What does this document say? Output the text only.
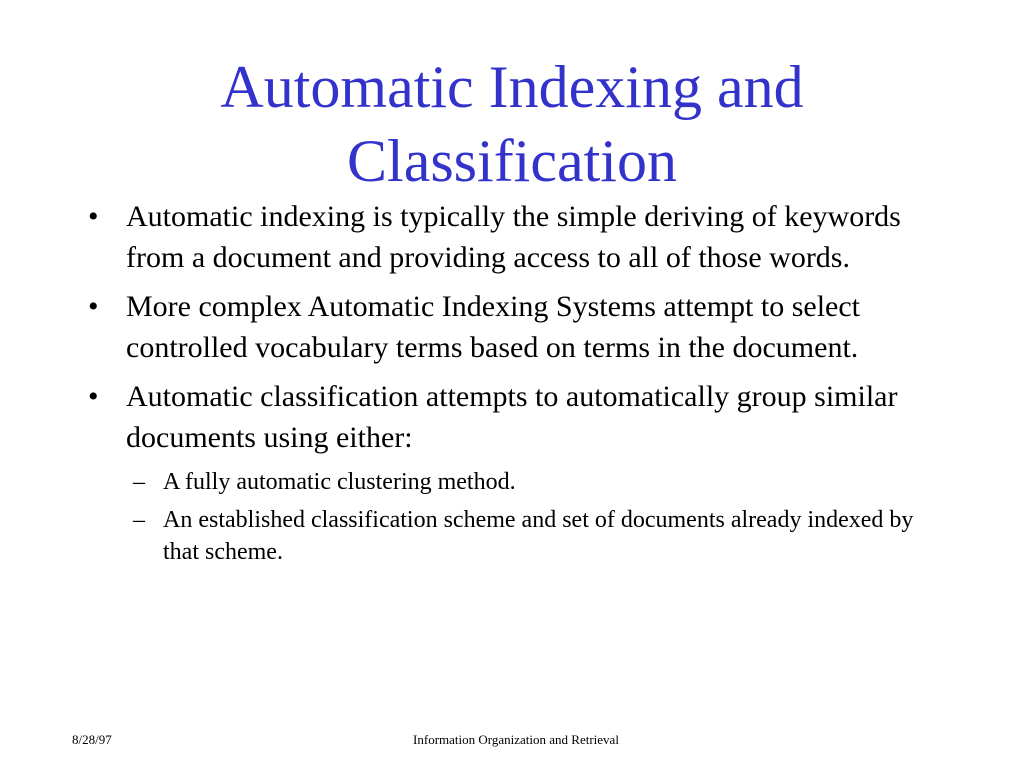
Automatic Indexing and
Classification
• Automatic indexing is typically the simple deriving of keywords from a document and providing access to all of those words.
• More complex Automatic Indexing Systems attempt to select controlled vocabulary terms based on terms in the document.
• Automatic classification attempts to automatically group similar documents using either:
– A fully automatic clustering method.
– An established classification scheme and set of documents already indexed by that scheme.
8/28/97	Information Organization and Retrieval
